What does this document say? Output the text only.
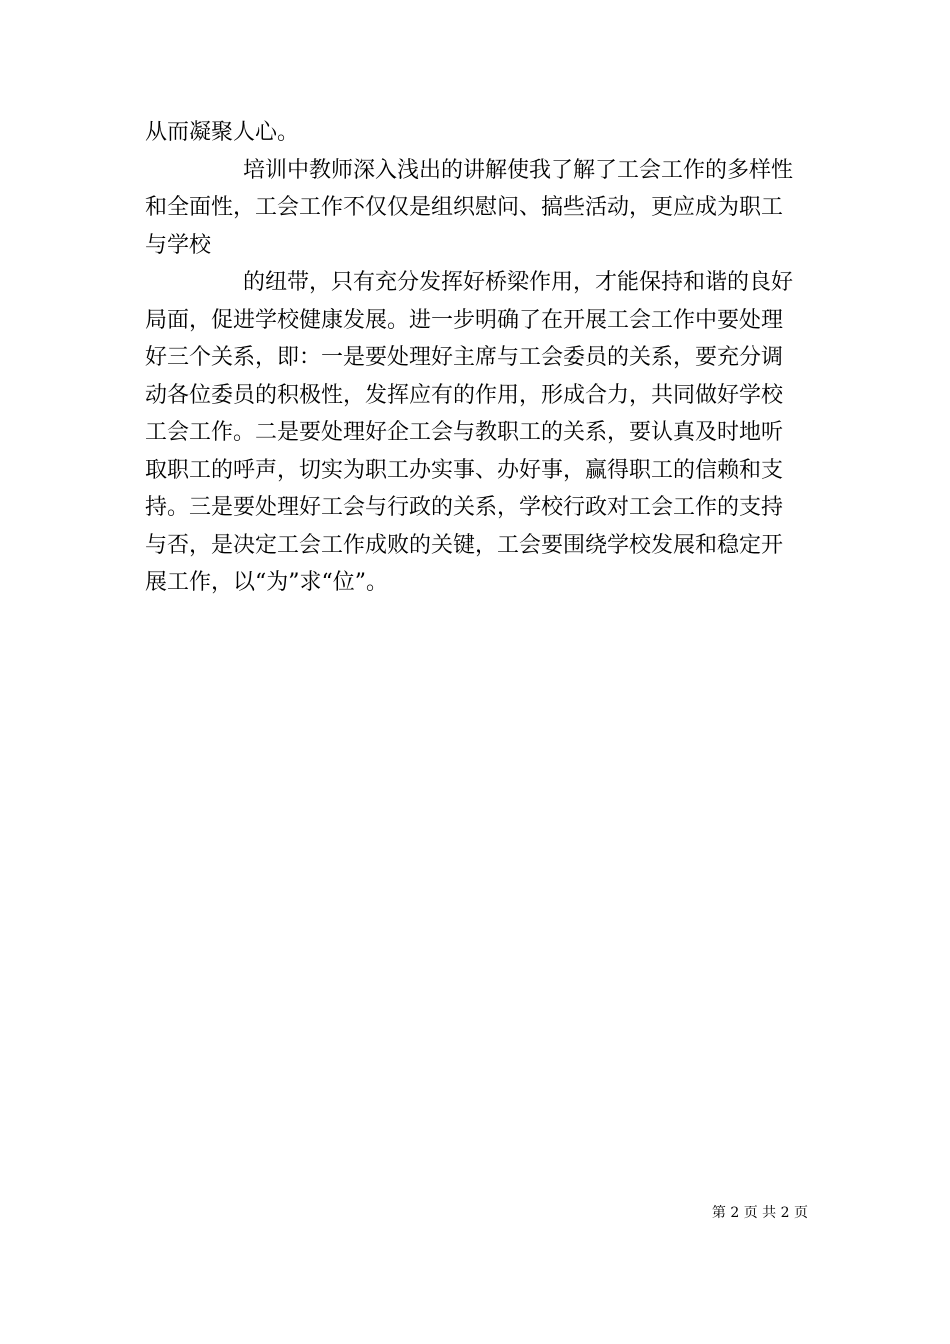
从而凝聚人心。
培训中教师深入浅出的讲解使我了解了工会工作的多样性
和全面性，工会工作不仅仅是组织慰问、搞些活动，更应成为职工
与学校
的纽带，只有充分发挥好桥梁作用，才能保持和谐的良好
局面，促进学校健康发展。进一步明确了在开展工会工作中要处理
好三个关系，即：一是要处理好主席与工会委员的关系，要充分调
动各位委员的积极性，发挥应有的作用，形成合力，共同做好学校
工会工作。二是要处理好企工会与教职工的关系，要认真及时地听
取职工的呼声，切实为职工办实事、办好事，赢得职工的信赖和支
持。三是要处理好工会与行政的关系，学校行政对工会工作的支持
与否，是决定工会工作成败的关键，工会要围绕学校发展和稳定开
展工作，以“为”求“位”。
第 2 页 共 2 页
